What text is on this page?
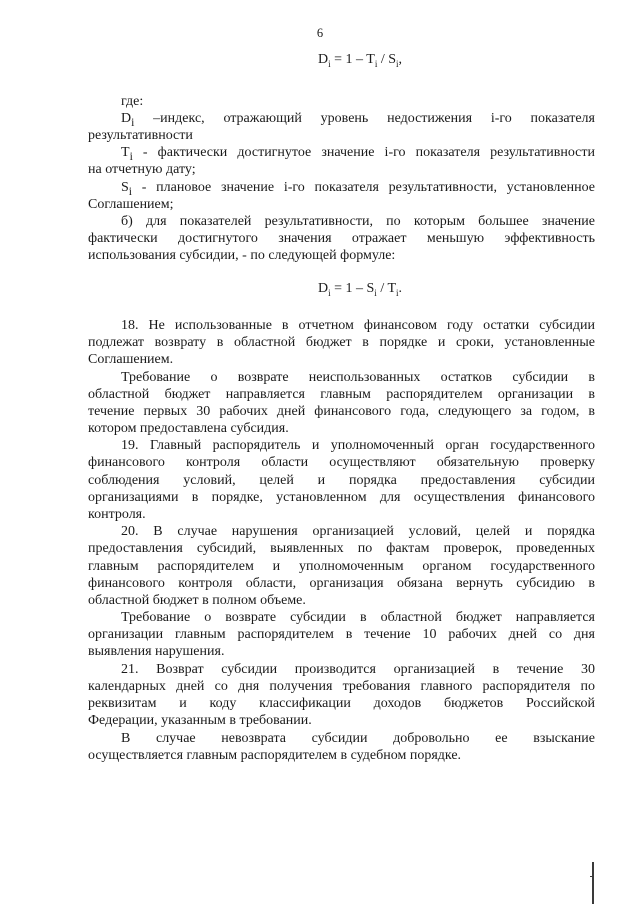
6
$D_i = 1 - T_i / S_i$,
где:
$D_i$ –индекс, отражающий уровень недостижения i-го показателя
результативности
$T_i$ - фактически достигнутое значение i-го показателя результативности
на отчетную дату;
$S_i$ - плановое значение i-го показателя результативности, установленное
Соглашением;
б) для показателей результативности, по которым большее значение
фактически достигнутого значения отражает меньшую эффективность
использования субсидии, - по следующей формуле:
$D_i = 1 - S_i / T_i$.
18. Не использованные в отчетном финансовом году остатки субсидии
подлежат возврату в областной бюджет в порядке и сроки, установленные
Соглашением.
Требование о возврате неиспользованных остатков субсидии в
областной бюджет направляется главным распорядителем организации в
течение первых 30 рабочих дней финансового года, следующего за годом, в
котором предоставлена субсидия.
19. Главный распорядитель и уполномоченный орган государственного
финансового контроля области осуществляют обязательную проверку
соблюдения условий, целей и порядка предоставления субсидии
организациями в порядке, установленном для осуществления финансового
контроля.
20. В случае нарушения организацией условий, целей и порядка
предоставления субсидий, выявленных по фактам проверок, проведенных
главным распорядителем и уполномоченным органом государственного
финансового контроля области, организация обязана вернуть субсидию в
областной бюджет в полном объеме.
Требование о возврате субсидии в областной бюджет направляется
организации главным распорядителем в течение 10 рабочих дней со дня
выявления нарушения.
21. Возврат субсидии производится организацией в течение 30
календарных дней со дня получения требования главного распорядителя по
реквизитам и коду классификации доходов бюджетов Российской
Федерации, указанным в требовании.
В случае невозврата субсидии добровольно ее взыскание
осуществляется главным распорядителем в судебном порядке.
